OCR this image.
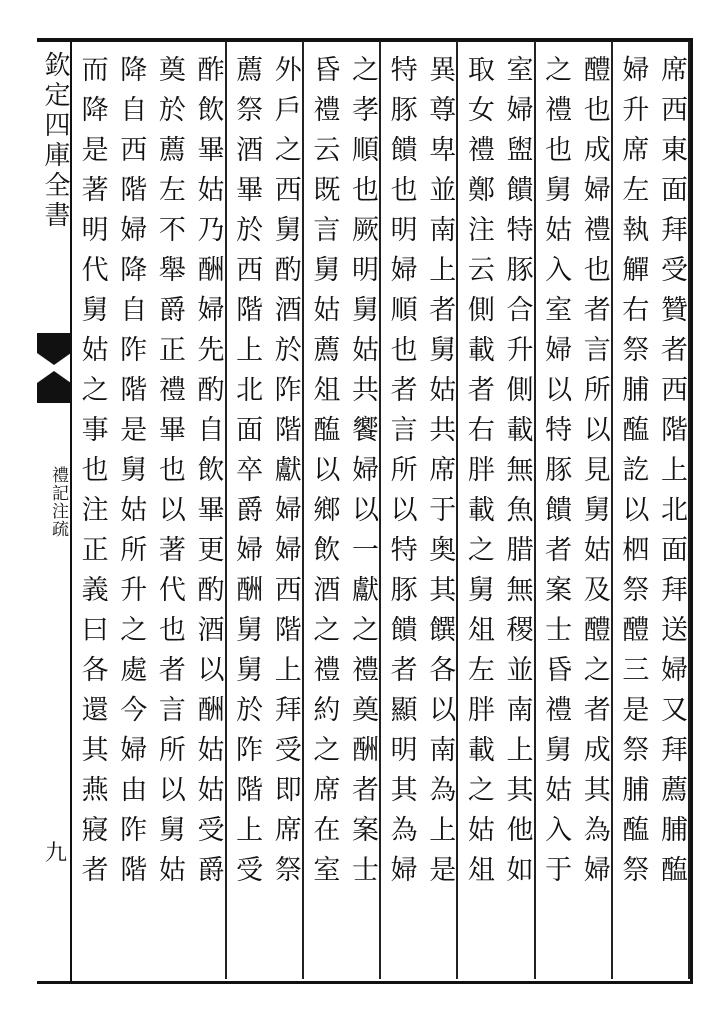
欽定四庫全書
禮記注疏
九	席西東面拜受贊者西階上北面拜送婦又拜薦脯醢
婦升席左執觶右祭脯醢訖以柶祭醴三是祭脯醢祭
醴也成婦禮也者言所以見舅姑及醴之者成其為婦
之禮也舅姑入室婦以特豚饋者案士昏禮舅姑入于
室婦盥饋特豚合升側載無魚腊無稷並南上其他如
取女禮鄭注云側載者右胖載之舅俎左胖載之姑俎
異尊卑並南上者舅姑共席于奥其饌各以南為上是
特豚饋也明婦順也者言所以特豚饋者顯明其為婦
之孝順也厥明舅姑共饗婦以一獻之禮奠酬者案士
昏禮云既言舅姑薦俎醢以鄉飲酒之禮約之席在室
外戶之西舅酌酒於阼階獻婦婦西階上拜受即席祭
薦祭酒畢於西階上北面卒爵婦酬舅舅於阼階上受
酢飲畢姑乃酬婦先酌自飲畢更酌酒以酬姑姑受爵
奠於薦左不舉爵正禮畢也以著代也者言所以舅姑
降自西階婦降自阼階是舅姑所升之處今婦由阼階
而降是著明代舅姑之事也注正義曰各還其燕寢者
